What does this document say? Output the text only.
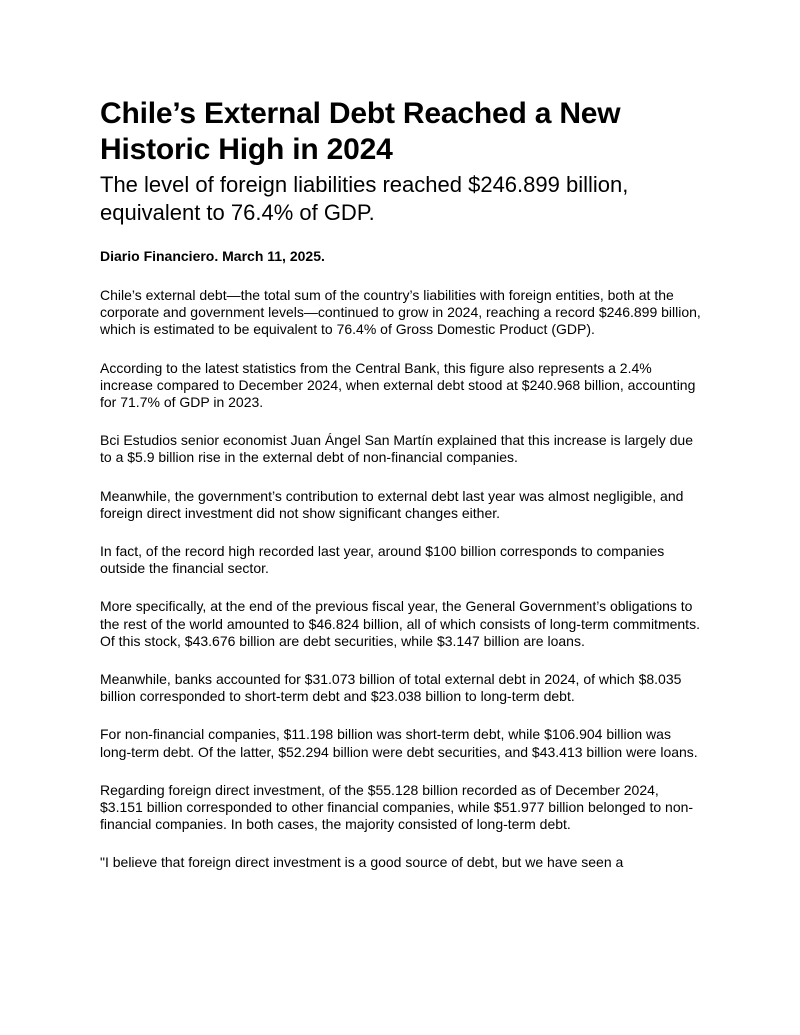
Chile’s External Debt Reached a New Historic High in 2024
The level of foreign liabilities reached $246.899 billion, equivalent to 76.4% of GDP.

Diario Financiero. March 11, 2025.

Chile’s external debt—the total sum of the country’s liabilities with foreign entities, both at the corporate and government levels—continued to grow in 2024, reaching a record $246.899 billion, which is estimated to be equivalent to 76.4% of Gross Domestic Product (GDP).

According to the latest statistics from the Central Bank, this figure also represents a 2.4% increase compared to December 2024, when external debt stood at $240.968 billion, accounting for 71.7% of GDP in 2023.

Bci Estudios senior economist Juan Ángel San Martín explained that this increase is largely due to a $5.9 billion rise in the external debt of non-financial companies.

Meanwhile, the government’s contribution to external debt last year was almost negligible, and foreign direct investment did not show significant changes either.

In fact, of the record high recorded last year, around $100 billion corresponds to companies outside the financial sector.

More specifically, at the end of the previous fiscal year, the General Government’s obligations to the rest of the world amounted to $46.824 billion, all of which consists of long-term commitments. Of this stock, $43.676 billion are debt securities, while $3.147 billion are loans.

Meanwhile, banks accounted for $31.073 billion of total external debt in 2024, of which $8.035 billion corresponded to short-term debt and $23.038 billion to long-term debt.

For non-financial companies, $11.198 billion was short-term debt, while $106.904 billion was long-term debt. Of the latter, $52.294 billion were debt securities, and $43.413 billion were loans.

Regarding foreign direct investment, of the $55.128 billion recorded as of December 2024, $3.151 billion corresponded to other financial companies, while $51.977 billion belonged to non-financial companies. In both cases, the majority consisted of long-term debt.

"I believe that foreign direct investment is a good source of debt, but we have seen a
